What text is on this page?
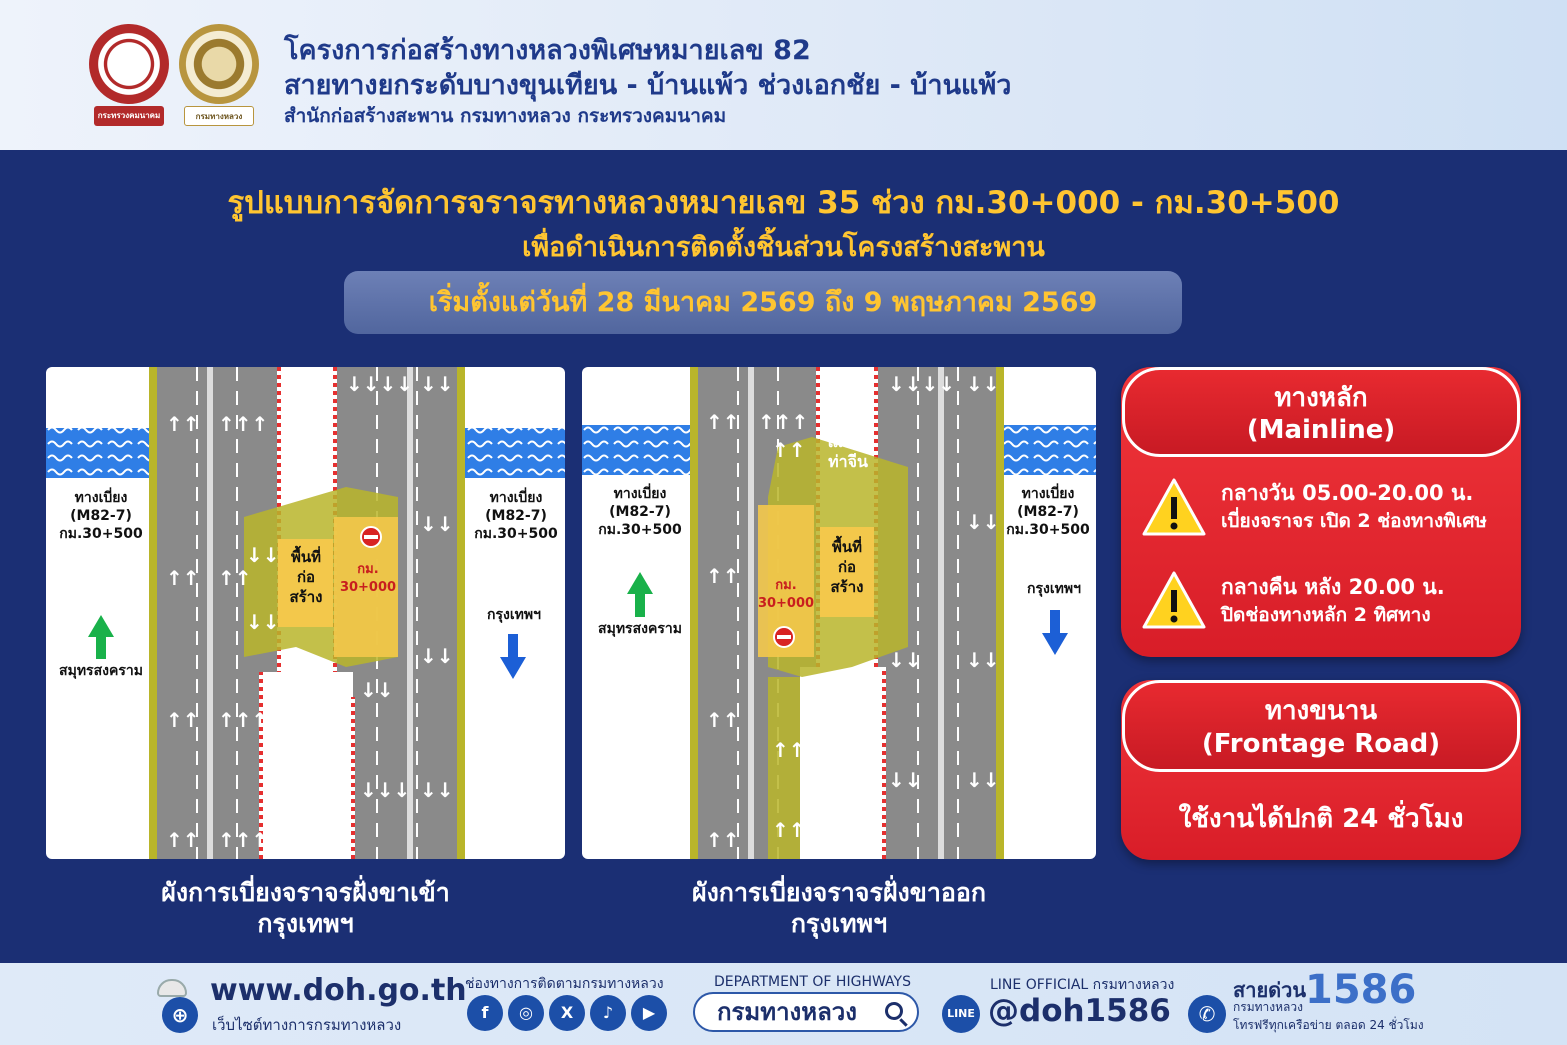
กระทรวงคมนาคม	กรมทางหลวง
โครงการก่อสร้างทางหลวงพิเศษหมายเลข 82
สายทางยกระดับบางขุนเทียน - บ้านแพ้ว ช่วงเอกชัย - บ้านแพ้ว
สำนักก่อสร้างสะพาน กรมทางหลวง กระทรวงคมนาคม
รูปแบบการจัดการจราจรทางหลวงหมายเลข 35 ช่วง กม.30+000 - กม.30+500
เพื่อดำเนินการติดตั้งชิ้นส่วนโครงสร้างสะพาน
เริ่มตั้งแต่วันที่ 28 มีนาคม 2569 ถึง 9 พฤษภาคม 2569
↑↑ ↑↑↑
↑↑ ↑↑
↑↑ ↑↑↑
↑↑ ↑↑↑
↓↓↓↓ ↓↓
↓↓
↓↓
↓↓
↓↓↓ ↓↓
↓↓
↓↓
แม่น้ำ
ท่าจีน
ทางเบี่ยง
(M82-7)
กม.30+500
ทางเบี่ยง
(M82-7)
กม.30+500
พื้นที่
ก่อ
สร้าง
กม.
30+000
สมุทรสงคราม
กรุงเทพฯ
ผังการเบี่ยงจราจรฝั่งขาเข้า
กรุงเทพฯ
↑↑ ↑↑↑
↑↑
↑↑
↑↑ ↑↑
↓↓↓↓ ↓↓
↓↓
↓↓ ↓↓
↓↓ ↓↓
↑↑
↑↑
แม่น้ำ
ท่าจีน
ทางเบี่ยง
(M82-7)
กม.30+500
ทางเบี่ยง
(M82-7)
กม.30+500
พื้นที่
ก่อ
สร้าง
กม.
30+000
สมุทรสงคราม
กรุงเทพฯ
ผังการเบี่ยงจราจรฝั่งขาออก
กรุงเทพฯ
ทางหลัก
(Mainline)
กลางวัน 05.00-20.00 น.
เบี่ยงจราจร เปิด 2 ช่องทางพิเศษ
กลางคืน หลัง 20.00 น.
ปิดช่องทางหลัก 2 ทิศทาง
ทางขนาน
(Frontage Road)
ใช้งานได้ปกติ 24 ชั่วโมง
⊕
www.doh.go.th
เว็บไซต์ทางการกรมทางหลวง
ช่องทางการติดตามกรมทางหลวง
f	◎	X	♪	▶
DEPARTMENT OF HIGHWAYS
กรมทางหลวง
LINE OFFICIAL กรมทางหลวง
LINE @doh1586	✆
สายด่วน
กรมทางหลวง 1586
โทรฟรีทุกเครือข่าย ตลอด 24 ชั่วโมง
